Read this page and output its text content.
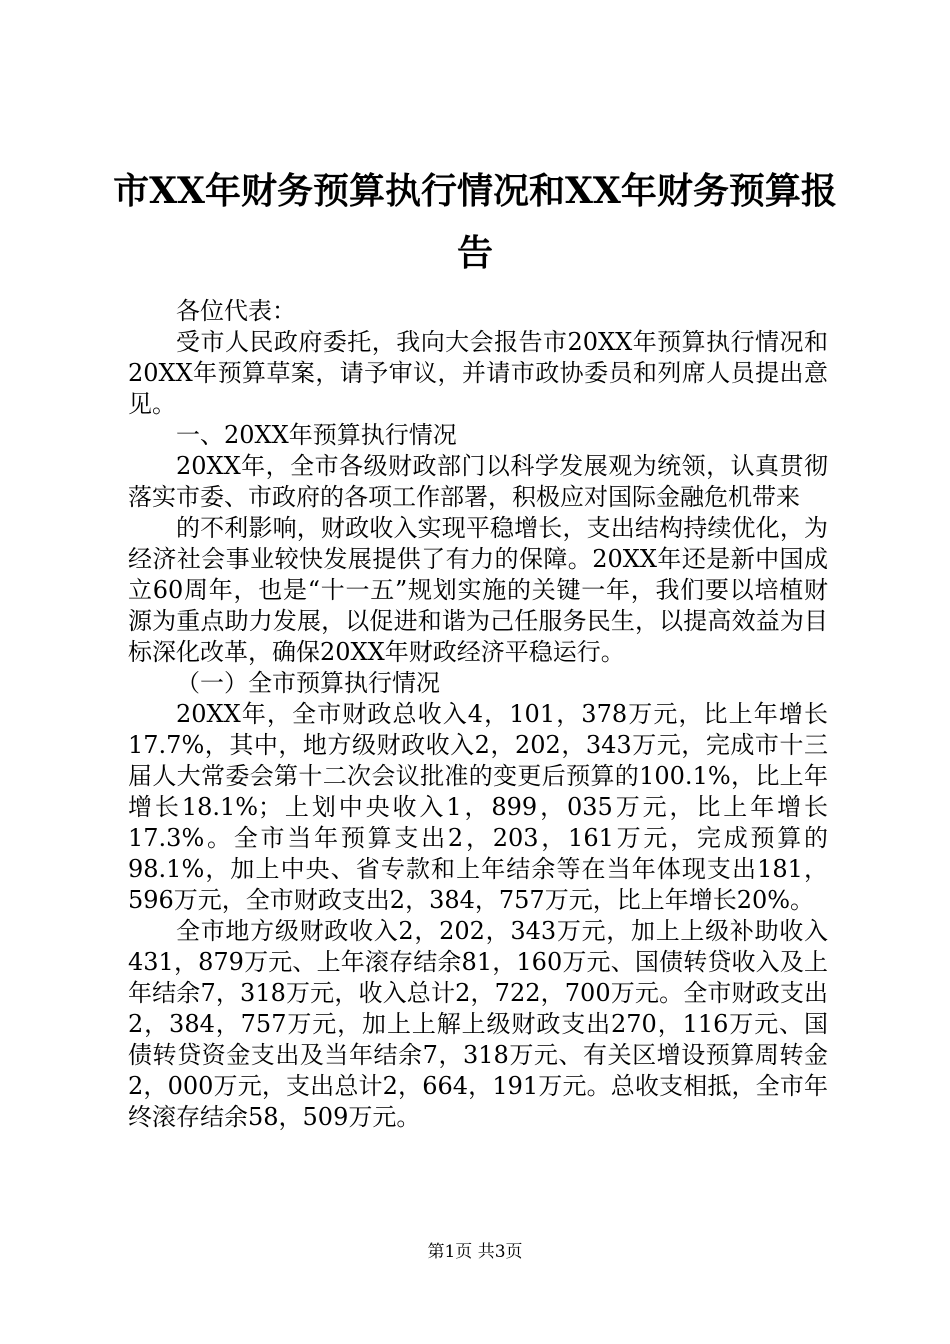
市XX年财务预算执行情况和XX年财务预算报告

各位代表：

受市人民政府委托，我向大会报告市20XX年预算执行情况和20XX年预算草案，请予审议，并请市政协委员和列席人员提出意见。

一、20XX年预算执行情况

20XX年，全市各级财政部门以科学发展观为统领，认真贯彻落实市委、市政府的各项工作部署，积极应对国际金融危机带来

的不利影响，财政收入实现平稳增长，支出结构持续优化，为经济社会事业较快发展提供了有力的保障。20XX年还是新中国成立60周年，也是“十一五”规划实施的关键一年，我们要以培植财源为重点助力发展，以促进和谐为己任服务民生，以提高效益为目标深化改革，确保20XX年财政经济平稳运行。

（一）全市预算执行情况

20XX年，全市财政总收入4，101，378万元，比上年增长17.7%，其中，地方级财政收入2，202，343万元，完成市十三届人大常委会第十二次会议批准的变更后预算的100.1%，比上年增长18.1%；上划中央收入1，899，035万元，比上年增长17.3%。全市当年预算支出2，203，161万元，完成预算的98.1%，加上中央、省专款和上年结余等在当年体现支出181，596万元，全市财政支出2，384，757万元，比上年增长20%。

全市地方级财政收入2，202，343万元，加上上级补助收入431，879万元、上年滚存结余81，160万元、国债转贷收入及上年结余7，318万元，收入总计2，722，700万元。全市财政支出2，384，757万元，加上上解上级财政支出270，116万元、国债转贷资金支出及当年结余7，318万元、有关区增设预算周转金2，000万元，支出总计2，664，191万元。总收支相抵，全市年终滚存结余58，509万元。

第1页 共3页
